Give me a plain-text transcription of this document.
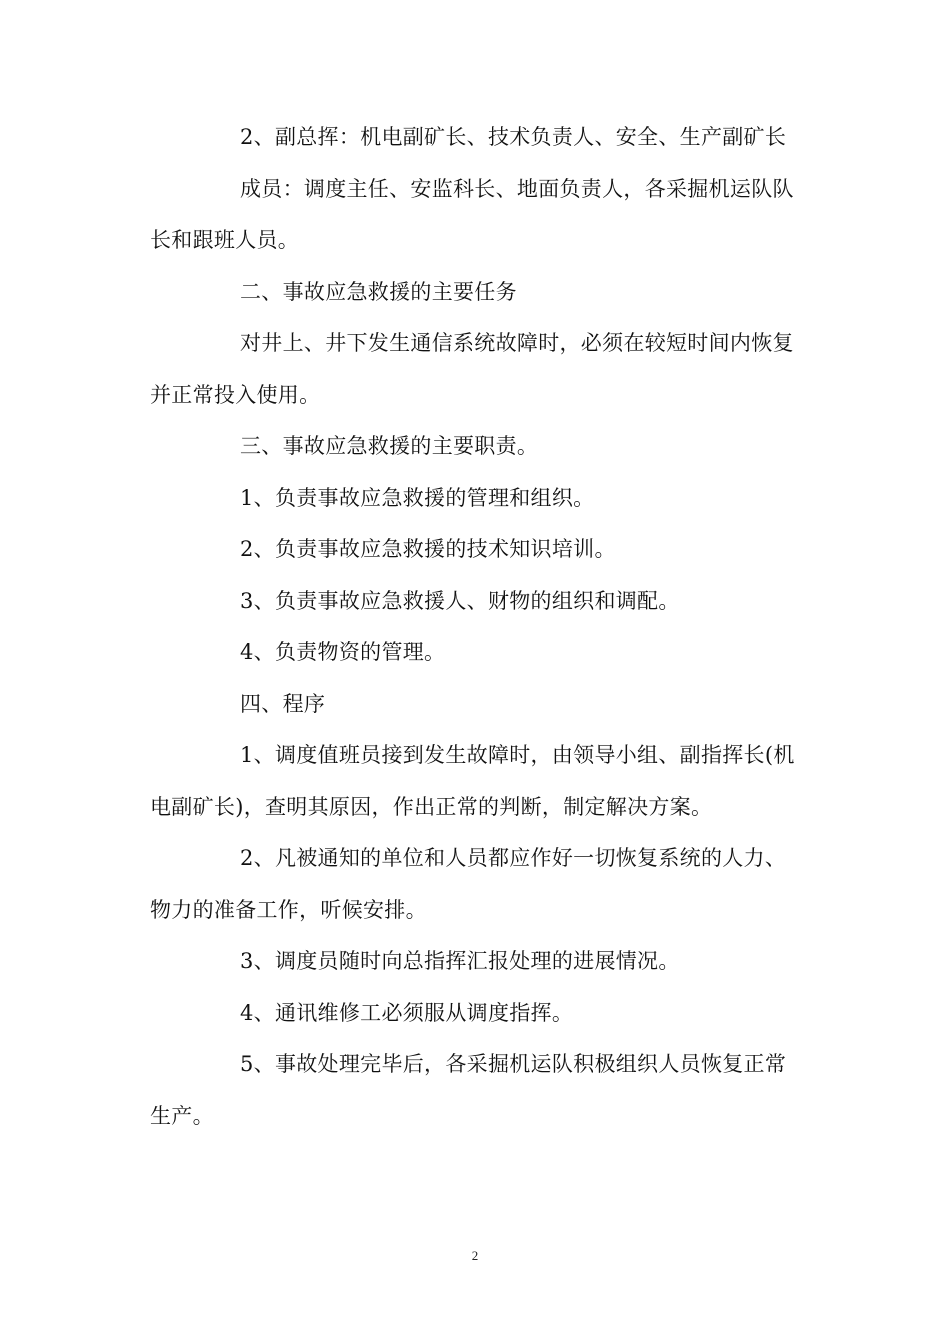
2、副总挥：机电副矿长、技术负责人、安全、生产副矿长

成员：调度主任、安监科长、地面负责人，各采掘机运队队长和跟班人员。

二、事故应急救援的主要任务

对井上、井下发生通信系统故障时，必须在较短时间内恢复并正常投入使用。

三、事故应急救援的主要职责。

1、负责事故应急救援的管理和组织。

2、负责事故应急救援的技术知识培训。

3、负责事故应急救援人、财物的组织和调配。

4、负责物资的管理。

四、程序

1、调度值班员接到发生故障时，由领导小组、副指挥长(机电副矿长)，查明其原因，作出正常的判断，制定解决方案。

2、凡被通知的单位和人员都应作好一切恢复系统的人力、物力的准备工作，听候安排。

3、调度员随时向总指挥汇报处理的进展情况。

4、通讯维修工必须服从调度指挥。

5、事故处理完毕后，各采掘机运队积极组织人员恢复正常生产。

2
